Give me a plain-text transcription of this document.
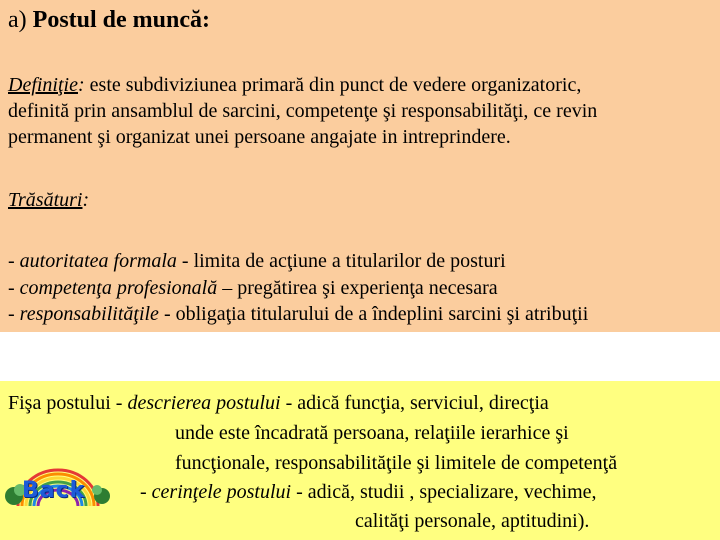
a) Postul de muncă:
Definiţie: este subdiviziunea primară din punct de vedere organizatoric,
definită prin ansamblul de sarcini, competenţe şi responsabilităţi, ce revin
permanent şi organizat unei persoane angajate in intreprindere.
Trăsături:
- autoritatea formala - limita de acţiune a titularilor de posturi
- competenţa profesională – pregătirea şi experienţa necesara
- responsabilităţile - obligaţia titularului de a îndeplini sarcini şi atribuţii
Fişa postului - descrierea postului - adică funcţia, serviciul, direcţia
unde este încadrată persoana, relaţiile ierarhice şi
funcţionale, responsabilităţile şi limitele de competenţă
- cerinţele postului - adică, studii , specializare, vechime,
calităţi personale, aptitudini).
Back
